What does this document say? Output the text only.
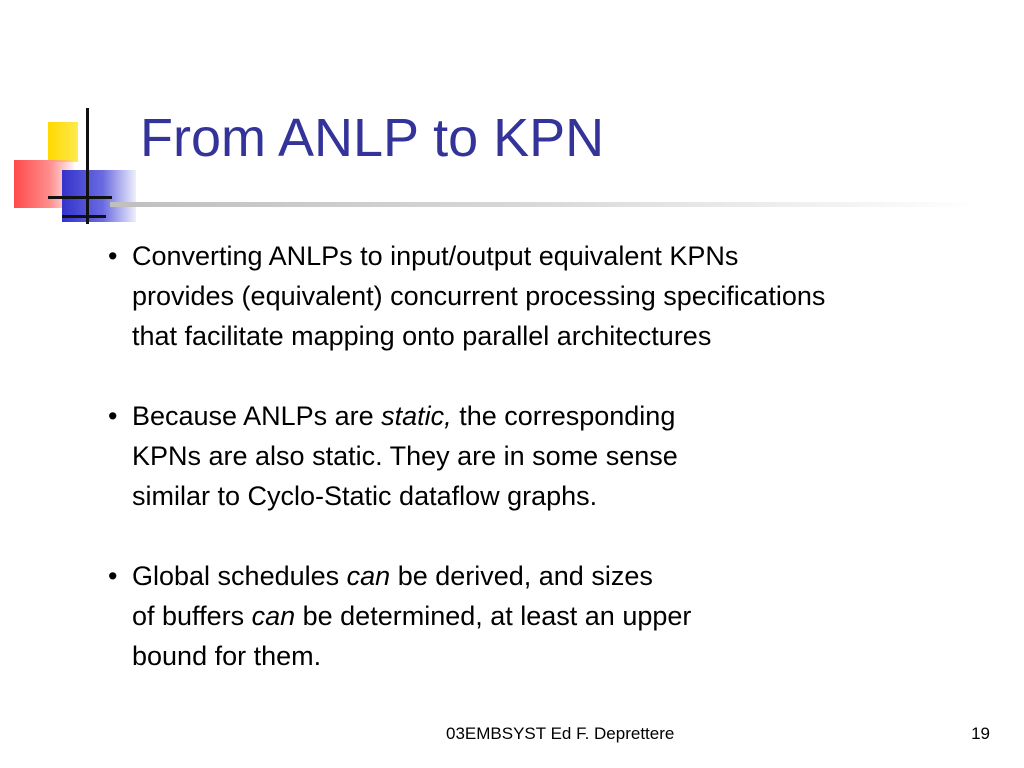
From ANLP to KPN

• Converting ANLPs to input/output equivalent KPNs
provides (equivalent) concurrent processing specifications
that facilitate mapping onto parallel architectures

• Because ANLPs are static, the corresponding
KPNs are also static. They are in some sense
similar to Cyclo-Static dataflow graphs.

• Global schedules can be derived, and sizes
of buffers can be determined, at least an upper
bound for them.

03EMBSYST Ed F. Deprettere	19
